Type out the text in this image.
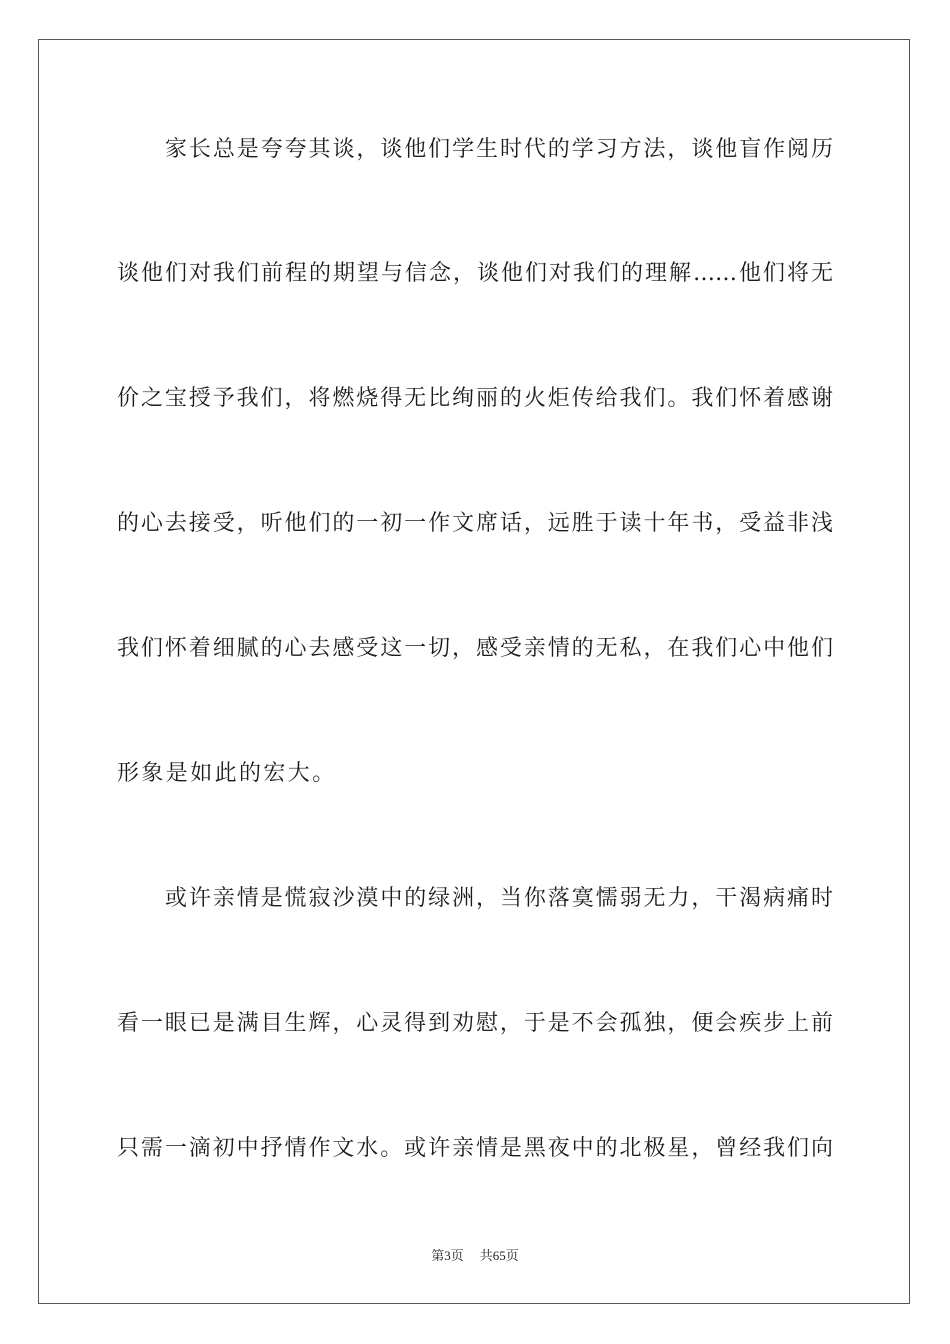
家长总是夸夸其谈，谈他们学生时代的学习方法，谈他盲作阅历
谈他们对我们前程的期望与信念，谈他们对我们的理解……他们将无
价之宝授予我们，将燃烧得无比绚丽的火炬传给我们。我们怀着感谢
的心去接受，听他们的一初一作文席话，远胜于读十年书，受益非浅
我们怀着细腻的心去感受这一切，感受亲情的无私，在我们心中他们
形象是如此的宏大。
或许亲情是慌寂沙漠中的绿洲，当你落寞懦弱无力，干渴病痛时
看一眼已是满目生辉，心灵得到劝慰，于是不会孤独，便会疾步上前
只需一滴初中抒情作文水。或许亲情是黑夜中的北极星，曾经我们向
第3页 共65页
